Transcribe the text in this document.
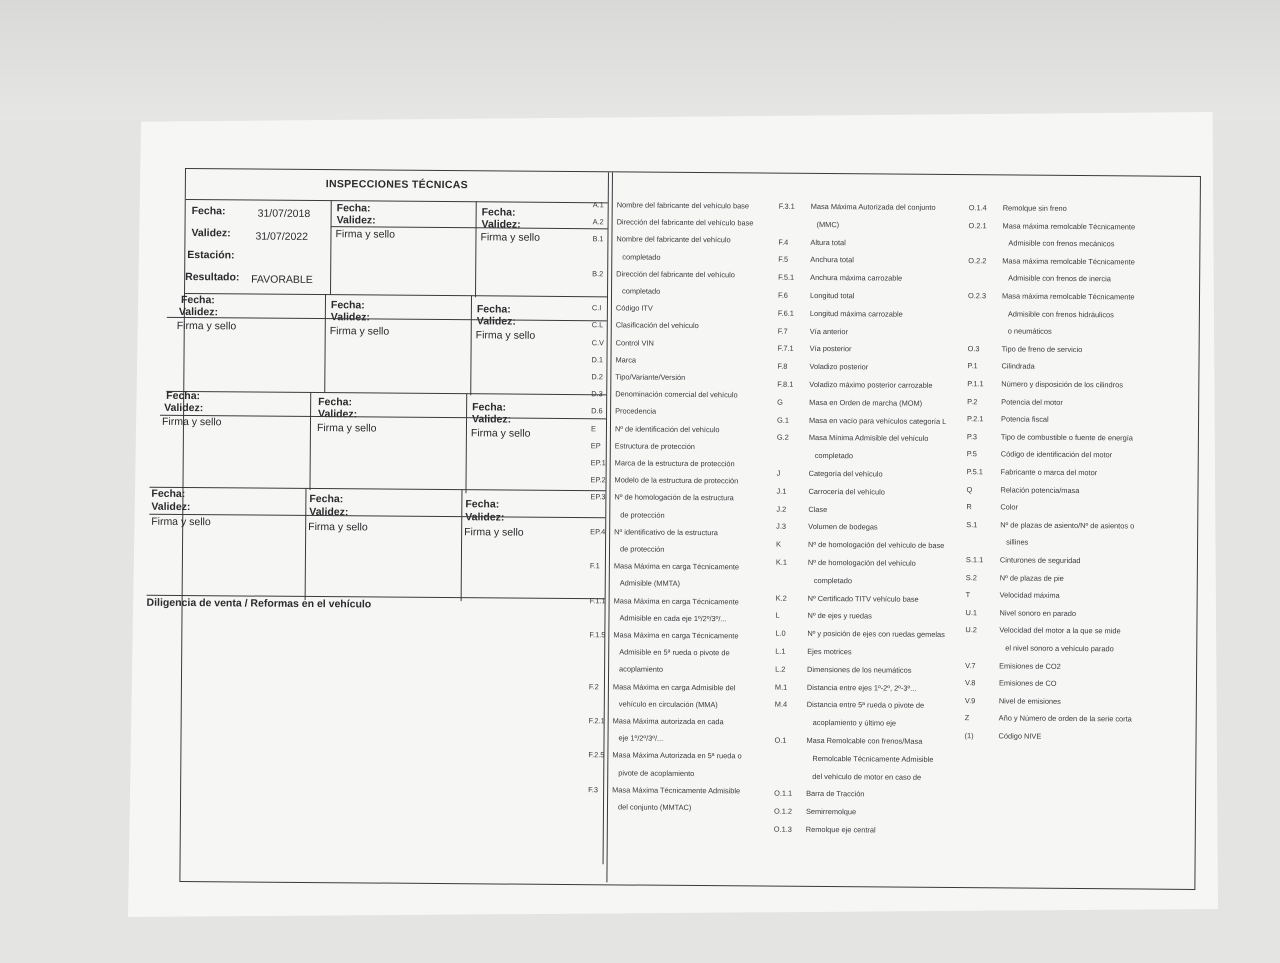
INSPECCIONES TÉCNICAS
Fecha:	31/07/2018
Validez: 31/07/2022
Estación:
Resultado: FAVORABLE
Fecha:
Validez:
Firma y sello
Fecha:
Validez:
Firma y sello
Fecha:
Validez:
Firma y sello
Fecha:
Validez:
Firma y sello
Fecha:
Validez:
Firma y sello
Fecha:
Validez:
Firma y sello
Fecha:
Validez:
Firma y sello
Fecha:
Validez:
Firma y sello
Fecha:
Validez:
Firma y sello
Fecha:
Validez:
Firma y sello
Fecha:
Validez:
Firma y sello
Diligencia de venta / Reformas en el vehículo
A.1 Nombre del fabricante del vehículo base
A.2 Dirección del fabricante del vehículo base
B.1 Nombre del fabricante del vehículo
completado
B.2 Dirección del fabricante del vehículo
completado
C.I Código ITV
C.L Clasificación del vehículo
C.V Control VIN
D.1 Marca
D.2 Tipo/Variante/Versión
D.3 Denominación comercial del vehículo
D.6 Procedencia
E	Nº de identificación del vehículo
EP Estructura de protección
EP.1 Marca de la estructura de protección
EP.2 Modelo de la estructura de protección
EP.3 Nº de homologación de la estructura
de protección
EP.4 Nº identificativo de la estructura
de protección
F.1 Masa Máxima en carga Técnicamente
Admisible (MMTA)
F.1.1 Masa Máxima en carga Técnicamente
Admisible en cada eje 1º/2º/3º/...
F.1.5 Masa Máxima en carga Técnicamente
Admisible en 5ª rueda o pivote de
acoplamiento
F.2 Masa Máxima en carga Admisible del
vehículo en circulación (MMA)
F.2.1 Masa Máxima autorizada en cada
eje 1º/2º/3º/...
F.2.5 Masa Máxima Autorizada en 5ª rueda o
pivote de acoplamiento
F.3 Masa Máxima Técnicamente Admisible
del conjunto (MMTAC)
F.3.1 Masa Máxima Autorizada del conjunto
(MMC)
F.4	Altura total
F.5	Anchura total
F.5.1 Anchura máxima carrozable
F.6	Longitud total
F.6.1 Longitud máxima carrozable
F.7	Vía anterior
F.7.1 Vía posterior
F.8	Voladizo posterior
F.8.1 Voladizo máximo posterior carrozable
G	Masa en Orden de marcha (MOM)
G.1	Masa en vacío para vehículos categoría L
G.2	Masa Mínima Admisible del vehículo
completado
J	Categoría del vehículo
J.1	Carrocería del vehículo
J.2	Clase
J.3	Volumen de bodegas
K	Nº de homologación del vehículo de base
K.1	Nº de homologación del vehículo
completado
K.2	Nº Certificado TITV vehículo base
L	Nº de ejes y ruedas
L.0	Nº y posición de ejes con ruedas gemelas
L.1	Ejes motrices
L.2	Dimensiones de los neumáticos
M.1	Distancia entre ejes 1º-2º, 2º-3º...
M.4	Distancia entre 5ª rueda o pivote de
acoplamiento y último eje
O.1	Masa Remolcable con frenos/Masa
Remolcable Técnicamente Admisible
del vehículo de motor en caso de
O.1.1 Barra de Tracción
O.1.2 Semirremolque
O.1.3 Remolque eje central
O.1.4 Remolque sin freno
O.2.1 Masa máxima remolcable Técnicamente
Admisible con frenos mecánicos
O.2.2 Masa máxima remolcable Técnicamente
Admisible con frenos de inercia
O.2.3 Masa máxima remolcable Técnicamente
Admisible con frenos hidráulicos
o neumáticos
O.3	Tipo de freno de servicio
P.1	Cilindrada
P.1.1 Número y disposición de los cilindros
P.2	Potencia del motor
P.2.1 Potencia fiscal
P.3	Tipo de combustible o fuente de energía
P.5	Código de identificación del motor
P.5.1 Fabricante o marca del motor
Q	Relación potencia/masa
R	Color
S.1	Nº de plazas de asiento/Nº de asientos o
sillines
S.1.1 Cinturones de seguridad
S.2	Nº de plazas de pie
T	Velocidad máxima
U.1	Nivel sonoro en parado
U.2	Velocidad del motor a la que se mide
el nivel sonoro a vehículo parado
V.7	Emisiones de CO2
V.8	Emisiones de CO
V.9	Nivel de emisiones
Z	Año y Número de orden de la serie corta
(1)	Código NIVE
